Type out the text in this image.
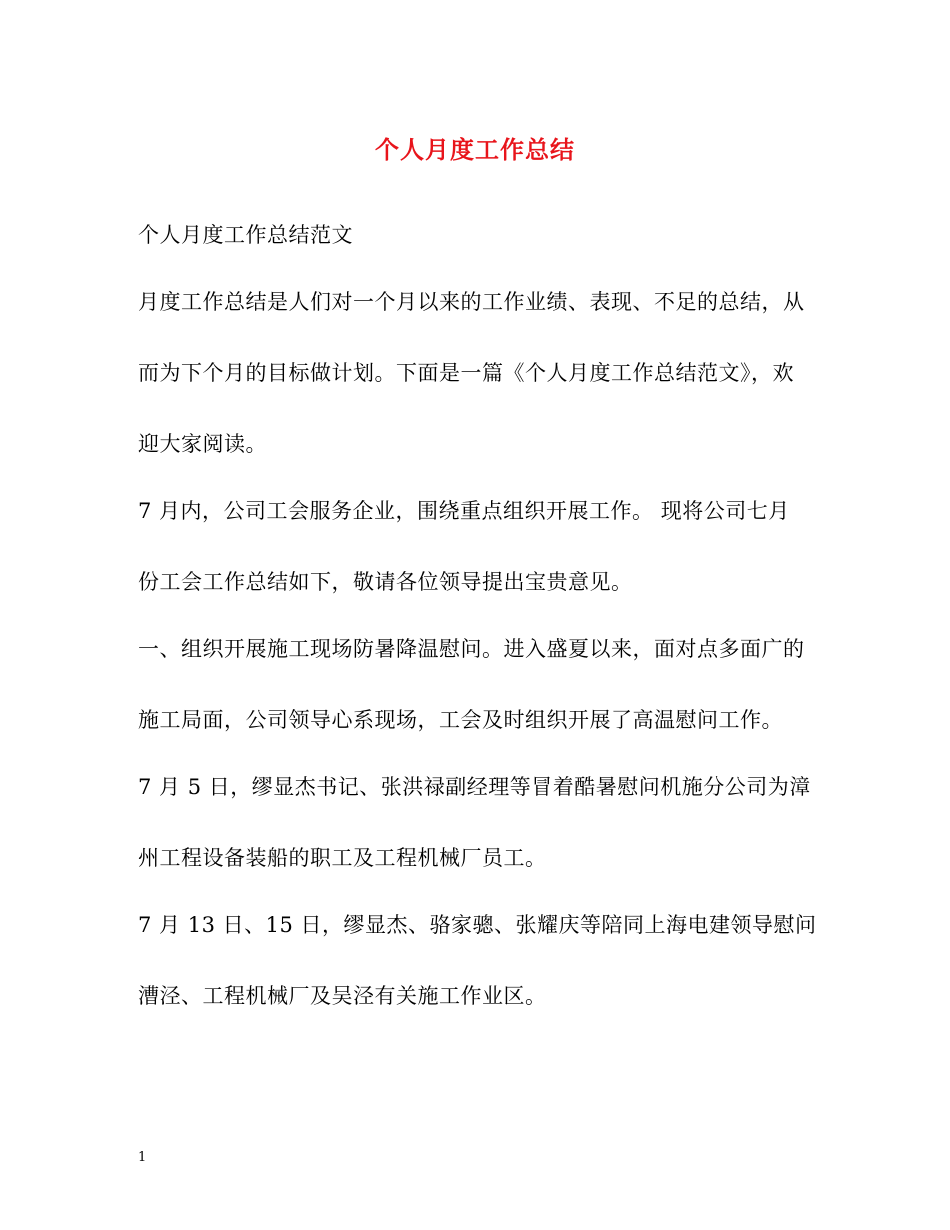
个人月度工作总结
个人月度工作总结范文
月度工作总结是人们对一个月以来的工作业绩、表现、不足的总结，从
而为下个月的目标做计划。下面是一篇《个人月度工作总结范文》，欢
迎大家阅读。
7 月内，公司工会服务企业，围绕重点组织开展工作。 现将公司七月
份工会工作总结如下，敬请各位领导提出宝贵意见。
一、组织开展施工现场防暑降温慰问。进入盛夏以来，面对点多面广的
施工局面，公司领导心系现场，工会及时组织开展了高温慰问工作。
7 月 5 日，缪显杰书记、张洪禄副经理等冒着酷暑慰问机施分公司为漳
州工程设备装船的职工及工程机械厂员工。
7 月 13 日、15 日，缪显杰、骆家骢、张耀庆等陪同上海电建领导慰问
漕泾、工程机械厂及吴泾有关施工作业区。
1
